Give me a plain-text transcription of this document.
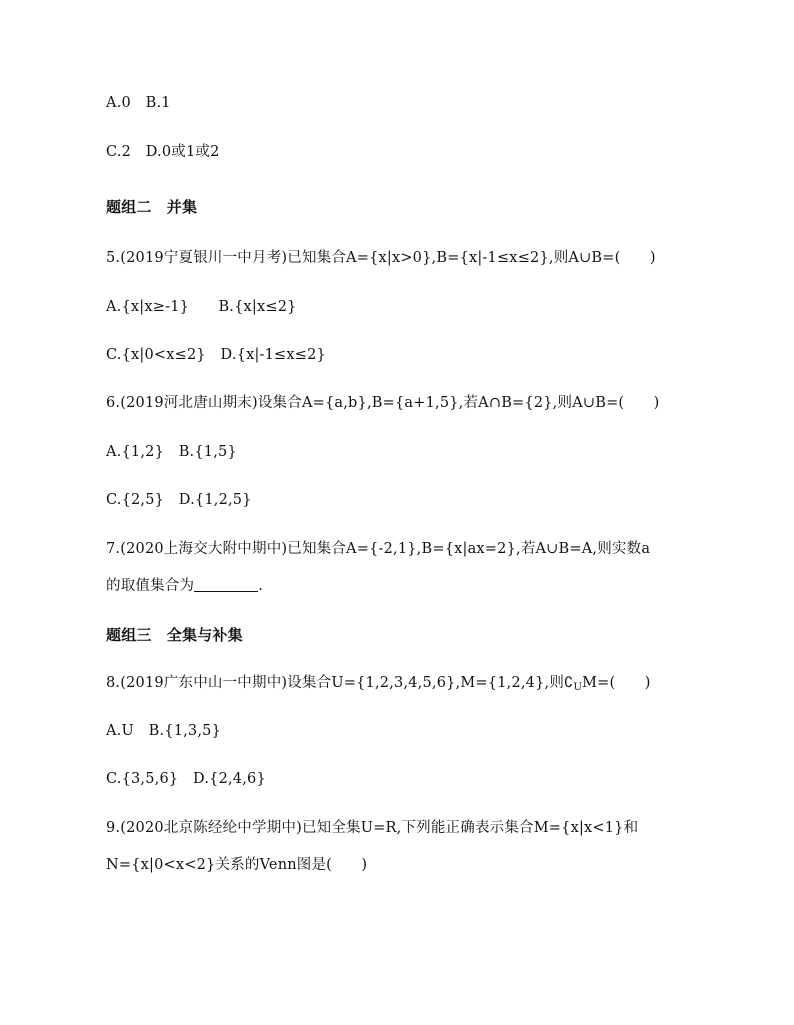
A.0 B.1
C.2 D.0或1或2
题组二 并集
5.(2019宁夏银川一中月考)已知集合A={x|x>0},B={x|-1≤x≤2},则A∪B=(  )
A.{x|x≥-1}  B.{x|x≤2}
C.{x|0<x≤2} D.{x|-1≤x≤2}
6.(2019河北唐山期末)设集合A={a,b},B={a+1,5},若A∩B={2},则A∪B=(  )
A.{1,2} B.{1,5}
C.{2,5} D.{1,2,5}
7.(2020上海交大附中期中)已知集合A={-2,1},B={x|ax=2},若A∪B=A,则实数a
的取值集合为	.
题组三 全集与补集
8.(2019广东中山一中期中)设集合U={1,2,3,4,5,6},M={1,2,4},则$∁_UM=$(  )
A.U B.{1,3,5}
C.{3,5,6} D.{2,4,6}
9.(2020北京陈经纶中学期中)已知全集U=R,下列能正确表示集合M={x|x<1}和
N={x|0<x<2}关系的Venn图是(  )
